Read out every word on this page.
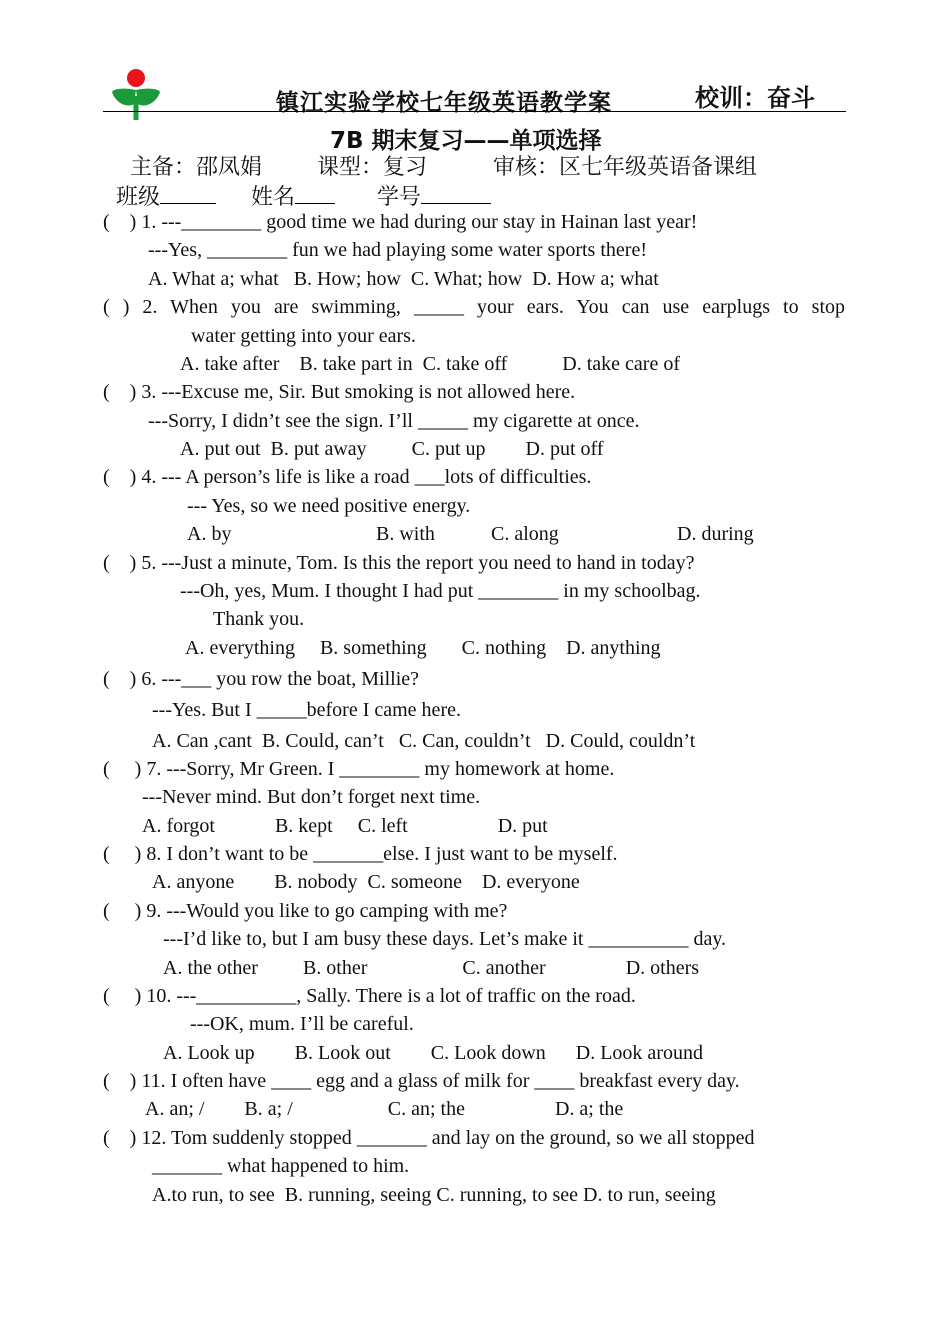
镇江实验学校七年级英语教学案	校训：奋斗
7B 期末复习——单项选择
主备：邵凤娟 课型：复习	审核：区七年级英语备课组
班级	姓名	学号
(    ) 1. ---________ good time we had during our stay in Hainan last year!
---Yes, ________ fun we had playing some water sports there!
A. What a; what   B. How; how  C. What; how  D. How a; what
( ) 2. When you are swimming, _____ your ears. You can use earplugs to stop
water getting into your ears.
A. take after    B. take part in  C. take off           D. take care of
(    ) 3. ---Excuse me, Sir. But smoking is not allowed here.
---Sorry, I didn’t see the sign. I’ll _____ my cigarette at once.
A. put out  B. put away         C. put up        D. put off
(    ) 4. --- A person’s life is like a road ___lots of difficulties.
--- Yes, so we need positive energy.
A. by	B. with	C. along	D. during
(    ) 5. ---Just a minute, Tom. Is this the report you need to hand in today?
---Oh, yes, Mum. I thought I had put ________ in my schoolbag.
Thank you.
A. everything     B. something       C. nothing    D. anything
(    ) 6. ---___ you row the boat, Millie?
---Yes. But I _____before I came here.
A. Can ,cant  B. Could, can’t   C. Can, couldn’t   D. Could, couldn’t
(     ) 7. ---Sorry, Mr Green. I ________ my homework at home.
---Never mind. But don’t forget next time.
A. forgot            B. kept     C. left                  D. put
(     ) 8. I don’t want to be _______else. I just want to be myself.
A. anyone        B. nobody  C. someone    D. everyone
(     ) 9. ---Would you like to go camping with me?
---I’d like to, but I am busy these days. Let’s make it __________ day.
A. the other         B. other                   C. another                D. others
(     ) 10. ---__________, Sally. There is a lot of traffic on the road.
---OK, mum. I’ll be careful.
A. Look up        B. Look out        C. Look down      D. Look around
(    ) 11. I often have ____ egg and a glass of milk for ____ breakfast every day.
A. an; /        B. a; /                   C. an; the                  D. a; the
(    ) 12. Tom suddenly stopped _______ and lay on the ground, so we all stopped
_______ what happened to him.
A.to run, to see  B. running, seeing C. running, to see D. to run, seeing
